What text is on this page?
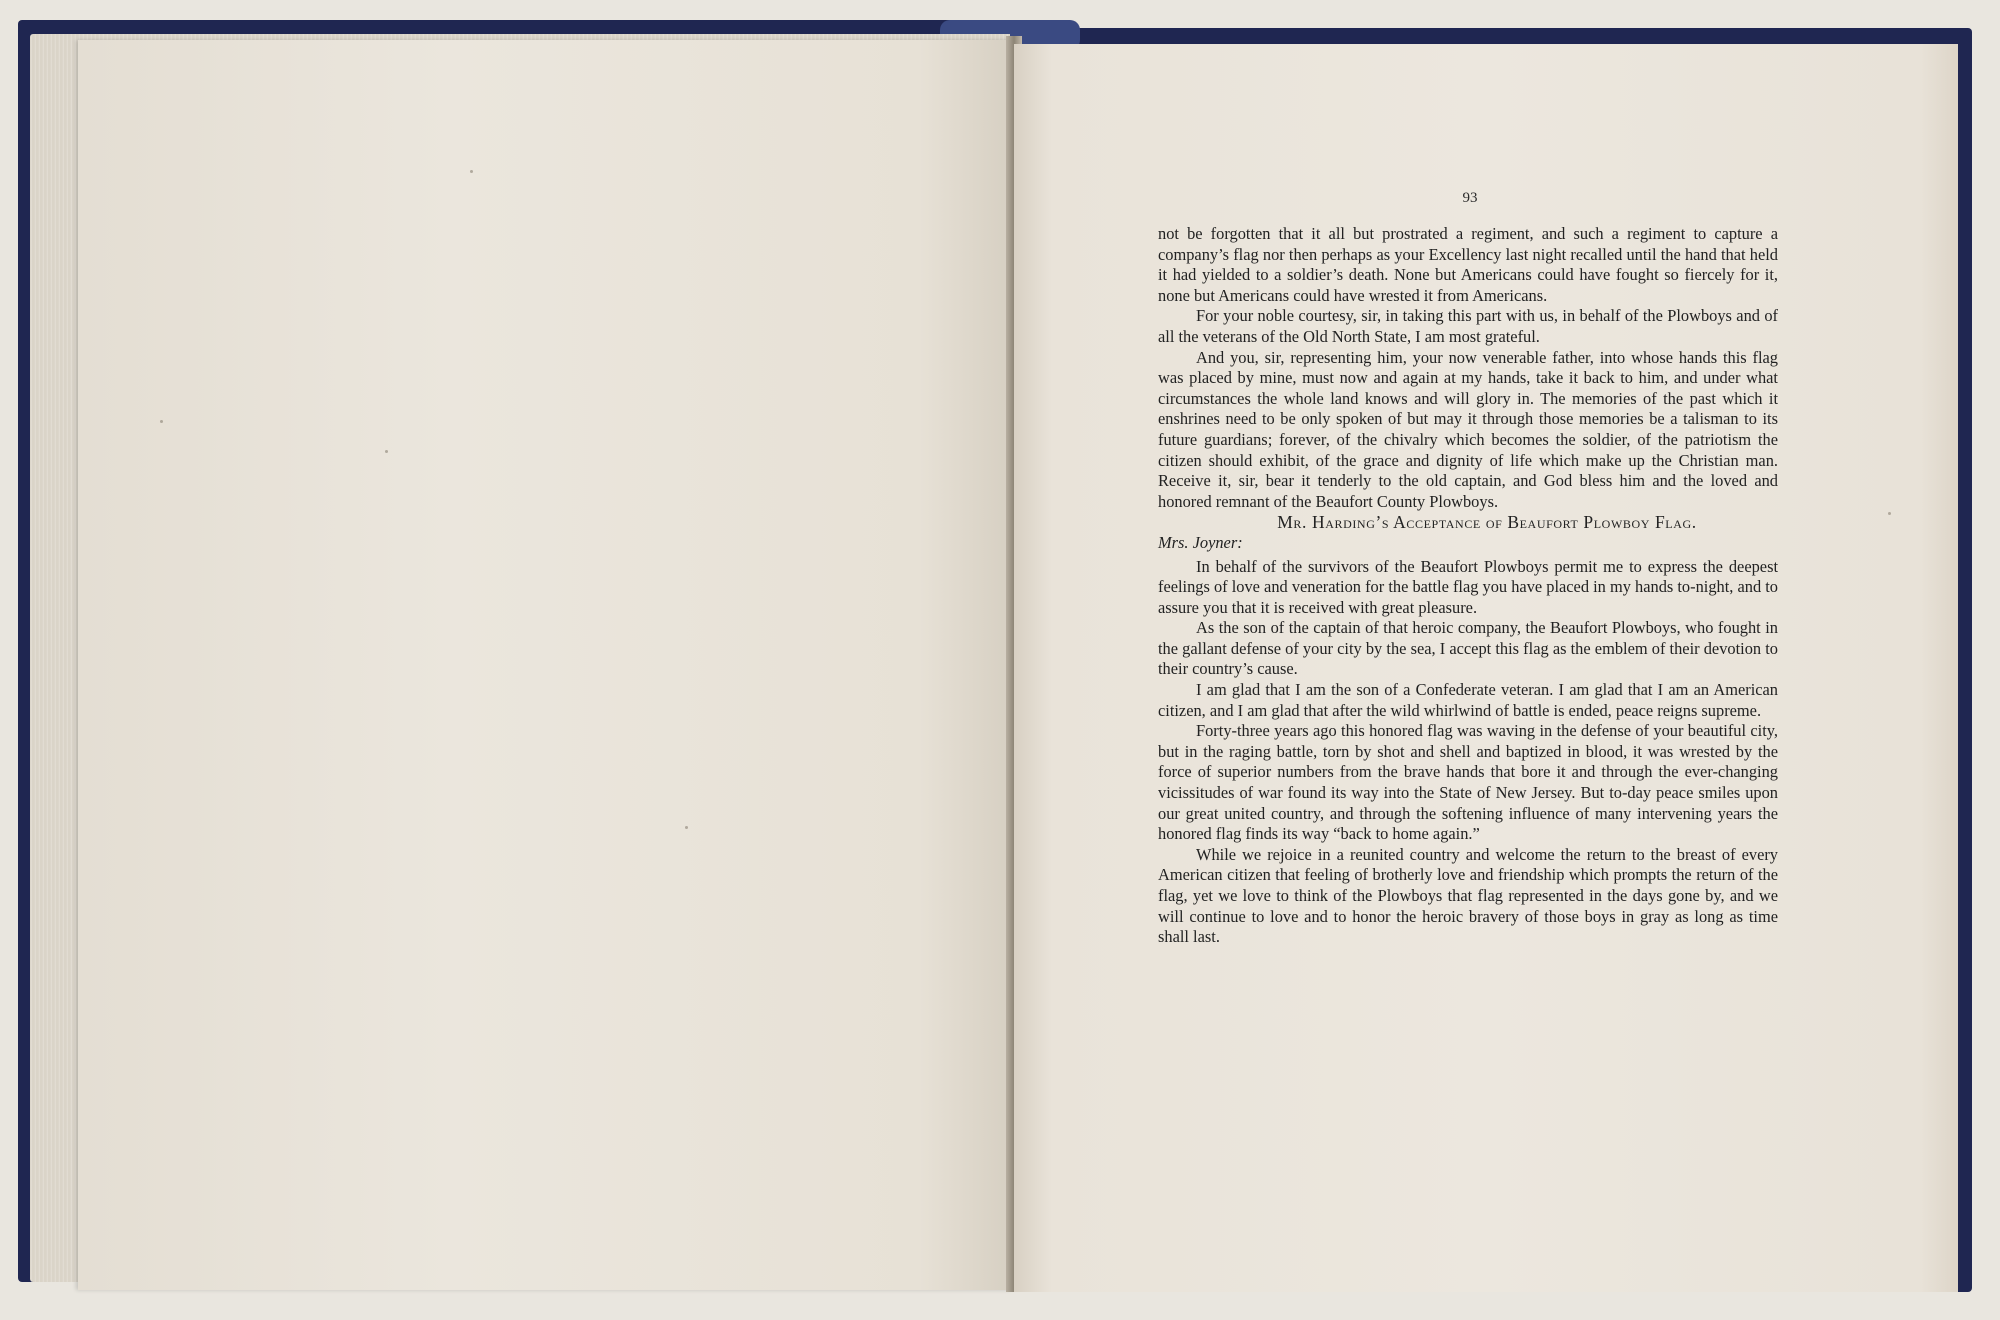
93

not be forgotten that it all but prostrated a regiment, and such a regiment to capture a company’s flag nor then perhaps as your Excellency last night recalled until the hand that held it had yielded to a soldier’s death. None but Americans could have fought so fiercely for it, none but Americans could have wrested it from Americans.

For your noble courtesy, sir, in taking this part with us, in behalf of the Plowboys and of all the veterans of the Old North State, I am most grateful.

And you, sir, representing him, your now venerable father, into whose hands this flag was placed by mine, must now and again at my hands, take it back to him, and under what circumstances the whole land knows and will glory in. The memories of the past which it enshrines need to be only spoken of but may it through those memories be a talisman to its future guardians; forever, of the chivalry which becomes the soldier, of the patriotism the citizen should exhibit, of the grace and dignity of life which make up the Christian man. Receive it, sir, bear it tenderly to the old captain, and God bless him and the loved and honored remnant of the Beaufort County Plowboys.

Mr. Harding’s Acceptance of Beaufort Plowboy Flag.

Mrs. Joyner:

In behalf of the survivors of the Beaufort Plowboys permit me to express the deepest feelings of love and veneration for the battle flag you have placed in my hands to-night, and to assure you that it is received with great pleasure.

As the son of the captain of that heroic company, the Beaufort Plowboys, who fought in the gallant defense of your city by the sea, I accept this flag as the emblem of their devotion to their country’s cause.

I am glad that I am the son of a Confederate veteran. I am glad that I am an American citizen, and I am glad that after the wild whirlwind of battle is ended, peace reigns supreme.

Forty-three years ago this honored flag was waving in the defense of your beautiful city, but in the raging battle, torn by shot and shell and baptized in blood, it was wrested by the force of superior numbers from the brave hands that bore it and through the ever-changing vicissitudes of war found its way into the State of New Jersey. But to-day peace smiles upon our great united country, and through the softening influence of many intervening years the honored flag finds its way “back to home again.”

While we rejoice in a reunited country and welcome the return to the breast of every American citizen that feeling of brotherly love and friendship which prompts the return of the flag, yet we love to think of the Plowboys that flag represented in the days gone by, and we will continue to love and to honor the heroic bravery of those boys in gray as long as time shall last.
